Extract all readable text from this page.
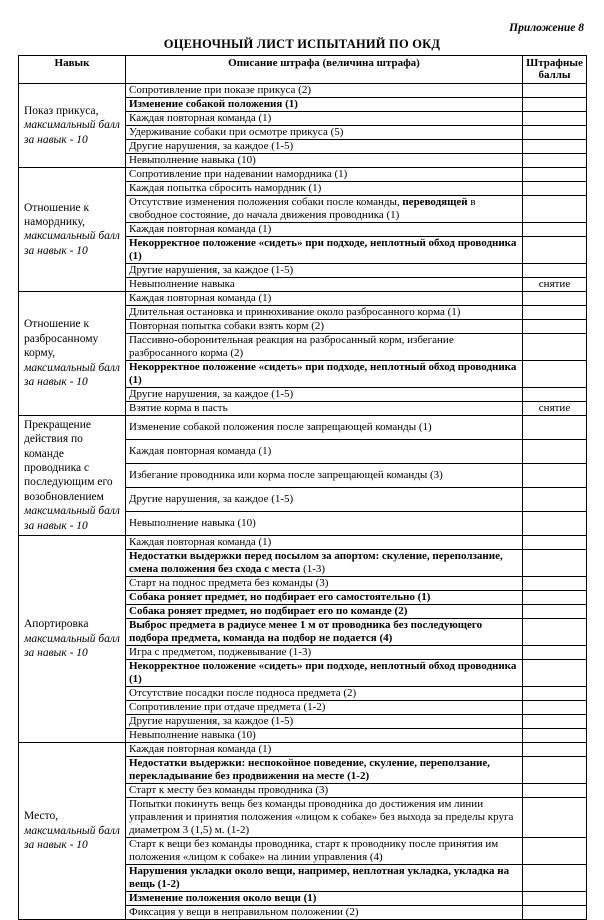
Приложение 8
ОЦЕНОЧНЫЙ ЛИСТ ИСПЫТАНИЙ ПО ОКД
Навык	Описание штрафа (величина штрафа)	Штрафные баллы
Показ прикуса, максимальный балл за навык - 10	Сопротивление при показе прикуса (2)	
	Изменение собакой положения (1)	
	Каждая повторная команда (1)	
	Удерживание собаки при осмотре прикуса (5)	
	Другие нарушения, за каждое (1-5)	
	Невыполнение навыка (10)	
Отношение к наморднику, максимальный балл за навык - 10	Сопротивление при надевании намордника (1)	
	Каждая попытка сбросить намордник (1)	
	Отсутствие изменения положения собаки после команды, переводящей в свободное состояние, до начала движения проводника (1)	
	Каждая повторная команда (1)	
	Некорректное положение «сидеть» при подходе, неплотный обход проводника (1)	
	Другие нарушения, за каждое (1-5)	
	Невыполнение навыка	снятие
Отношение к разбросанному корму, максимальный балл за навык - 10	Каждая повторная команда (1)	
	Длительная остановка и принюхивание около разбросанного корма (1)	
	Повторная попытка собаки взять корм (2)	
	Пассивно-оборонительная реакция на разбросанный корм, избегание разбросанного корма (2)	
	Некорректное положение «сидеть» при подходе, неплотный обход проводника (1)	
	Другие нарушения, за каждое (1-5)	
	Взятие корма в пасть	снятие
Прекращение действия по команде проводника с последующим его возобновлением максимальный балл за навык - 10	Изменение собакой положения после запрещающей команды (1)	
	Каждая повторная команда (1)	
	Избегание проводника или корма после запрещающей команды (3)	
	Другие нарушения, за каждое (1-5)	
	Невыполнение навыка (10)	
Апортировка максимальный балл за навык - 10	Каждая повторная команда (1)	
	Недостатки выдержки перед посылом за апортом: скуление, переползание, смена положения без схода с места (1-3)	
	Старт на поднос предмета без команды (3)	
	Собака роняет предмет, но подбирает его самостоятельно (1)	
	Собака роняет предмет, но подбирает его по команде (2)	
	Выброс предмета в радиусе менее 1 м от проводника без последующего подбора предмета, команда на подбор не подается (4)	
	Игра с предметом, поджевывание (1-3)	
	Некорректное положение «сидеть» при подходе, неплотный обход проводника (1)	
	Отсутствие посадки после подноса предмета (2)	
	Сопротивление при отдаче предмета (1-2)	
	Другие нарушения, за каждое (1-5)	
	Невыполнение навыка (10)	
Место, максимальный балл за навык - 10	Каждая повторная команда (1)	
	Недостатки выдержки: неспокойное поведение, скуление, переползание, перекладывание без продвижения на месте (1-2)	
	Старт к месту без команды проводника (3)	
	Попытки покинуть вещь без команды проводника до достижения им линии управления и принятия положения «лицом к собаке» без выхода за пределы круга диаметром 3 (1,5) м. (1-2)	
	Старт к вещи без команды проводника, старт к проводнику после принятия им положения «лицом к собаке» на линии управления (4)	
	Нарушения укладки около вещи, например, неплотная укладка, укладка на вещь (1-2)	
	Изменение положения около вещи (1)	
	Фиксация у вещи в неправильном положении (2)	
